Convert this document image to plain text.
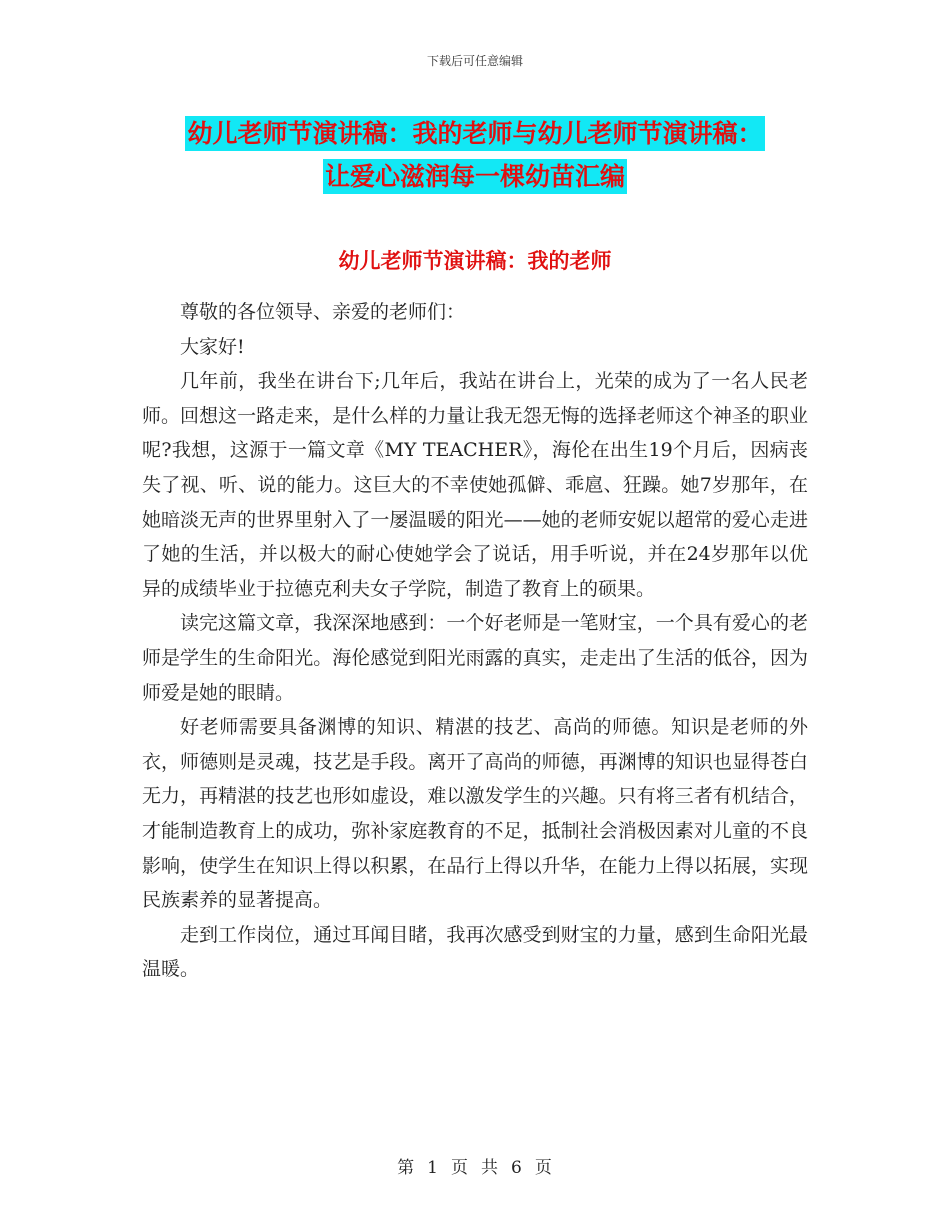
下载后可任意编辑
幼儿老师节演讲稿：我的老师与幼儿老师节演讲稿：
让爱心滋润每一棵幼苗汇编
幼儿老师节演讲稿：我的老师

尊敬的各位领导、亲爱的老师们：

大家好!

几年前，我坐在讲台下;几年后，我站在讲台上，光荣的成为了一名人民老师。回想这一路走来，是什么样的力量让我无怨无悔的选择老师这个神圣的职业呢?我想，这源于一篇文章《MY TEACHER》，海伦在出生19个月后，因病丧失了视、听、说的能力。这巨大的不幸使她孤僻、乖扈、狂躁。她7岁那年，在她暗淡无声的世界里射入了一屡温暖的阳光——她的老师安妮以超常的爱心走进了她的生活，并以极大的耐心使她学会了说话，用手听说，并在24岁那年以优异的成绩毕业于拉德克利夫女子学院，制造了教育上的硕果。

读完这篇文章，我深深地感到：一个好老师是一笔财宝，一个具有爱心的老师是学生的生命阳光。海伦感觉到阳光雨露的真实，走走出了生活的低谷，因为师爱是她的眼睛。

好老师需要具备渊博的知识、精湛的技艺、高尚的师德。知识是老师的外衣，师德则是灵魂，技艺是手段。离开了高尚的师德，再渊博的知识也显得苍白无力，再精湛的技艺也形如虚设，难以激发学生的兴趣。只有将三者有机结合，才能制造教育上的成功，弥补家庭教育的不足，抵制社会消极因素对儿童的不良影响，使学生在知识上得以积累，在品行上得以升华，在能力上得以拓展，实现民族素养的显著提高。

走到工作岗位，通过耳闻目睹，我再次感受到财宝的力量，感到生命阳光最温暖。

第 1 页 共 6 页
